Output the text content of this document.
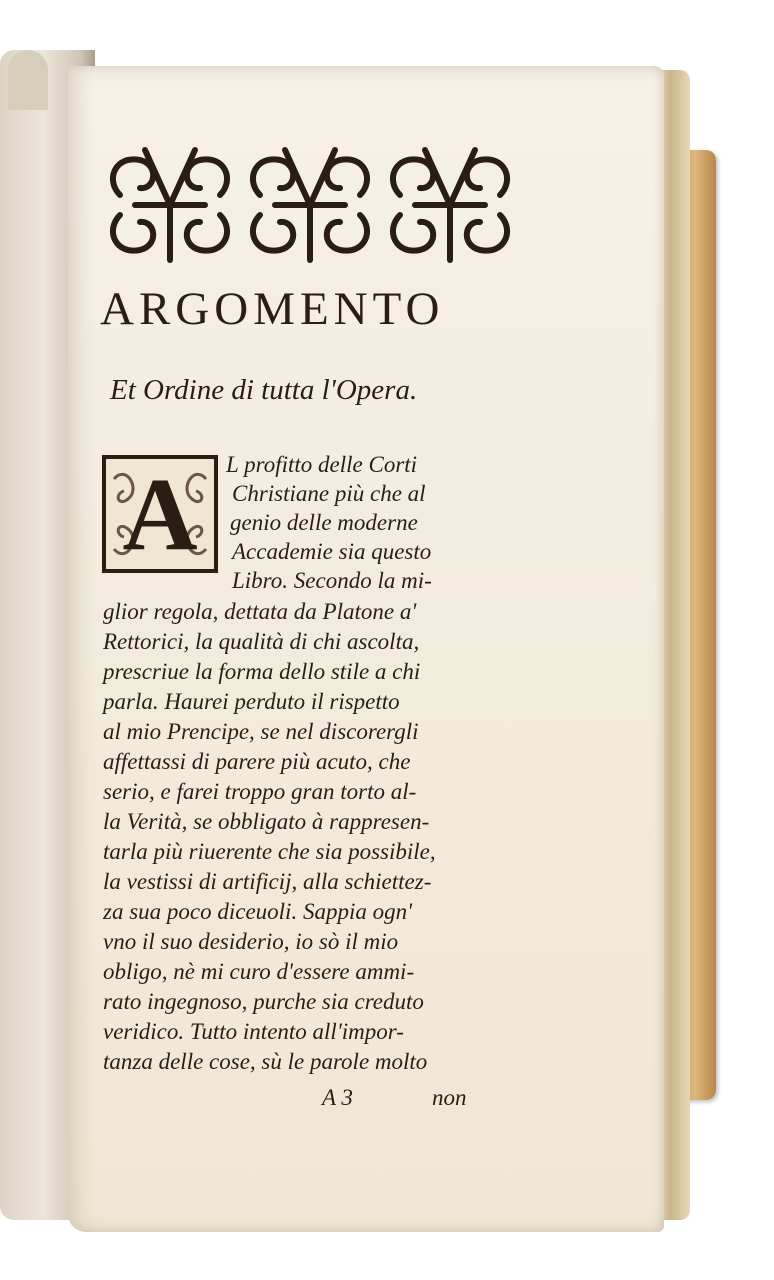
ARGOMENTO
Et Ordine di tutta l'Opera.
A	L profitto delle Corti
Christiane più che al
genio delle moderne
Accademie sia questo
Libro. Secondo la mi-
glior regola, dettata da Platone a'
Rettorici, la qualità di chi ascolta,
prescriue la forma dello stile a chi
parla. Haurei perduto il rispetto
al mio Prencipe, se nel discorergli
affettassi di parere più acuto, che
serio, e farei troppo gran torto al-
la Verità, se obbligato à rappresen-
tarla più riuerente che sia possibile,
la vestissi di artificij, alla schiettez-
za sua poco diceuoli. Sappia ogn'
vno il suo desiderio, io sò il mio
obligo, nè mi curo d'essere ammi-
rato ingegnoso, purche sia creduto
veridico. Tutto intento all'impor-
tanza delle cose, sù le parole molto
A 3	non
